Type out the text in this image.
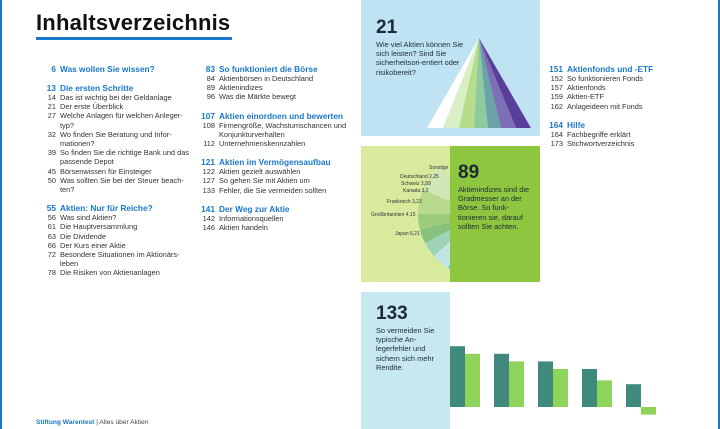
Inhaltsverzeichnis
6 Was wollen Sie wissen?
13 Die ersten Schritte
14 Das ist wichtig bei der Geldanlage
21 Der erste Überblick
27 Welche Anlagen für welchen Anleger-typ?
32 Wo finden Sie Beratung und Infor-mationen?
39 So finden Sie die richtige Bank und das passende Depot
45 Börsenwissen für Einsteiger
50 Was sollten Sie bei der Steuer beach-ten?
55 Aktien: Nur für Reiche?
56 Was sind Aktien?
61 Die Hauptversammlung
63 Die Dividende
66 Der Kurs einer Aktie
72 Besondere Situationen im Aktionärs-leben
78 Die Risiken von Aktienanlagen
83 So funktioniert die Börse
84 Aktienbörsen in Deutschland
89 Aktienindizes
96 Was die Märkte bewegt
107 Aktien einordnen und bewerten
108 Firmengröße, Wachstumschancen und Konjunkturverhalten
112 Unternehmenskennzahlen
121 Aktien im Vermögensaufbau
122 Aktien gezielt auswählen
127 So gehen Sie mit Aktien um
133 Fehler, die Sie vermeiden sollten
141 Der Weg zur Aktie
142 Informationsquellen
146 Aktien handeln
151 Aktienfonds und -ETF
152 So funktionieren Fonds
157 Aktienfonds
159 Aktien-ETF
162 Anlageideen mit Fonds
164 Hilfe
164 Fachbegriffe erklärt
173 Stichwortverzeichnis
21
Wie viel Aktien können Sie sich leisten? Sind Sie sicherheitsori-entiert oder risikobereit?
Sonstige
Deutschland 2,25
Schweiz 2,89
Kanada 3,2
Frankreich 3,23
Großbritannien 4,15
Japan 6,21
89
Aktienindizes sind die Gradmesser an der Börse. So funk-tionieren sie, darauf sollten Sie achten.
133
So vermeiden Sie typische An-legerfehler und sichern sich mehr Rendite.
Stiftung Warentest | Alles über Aktien
